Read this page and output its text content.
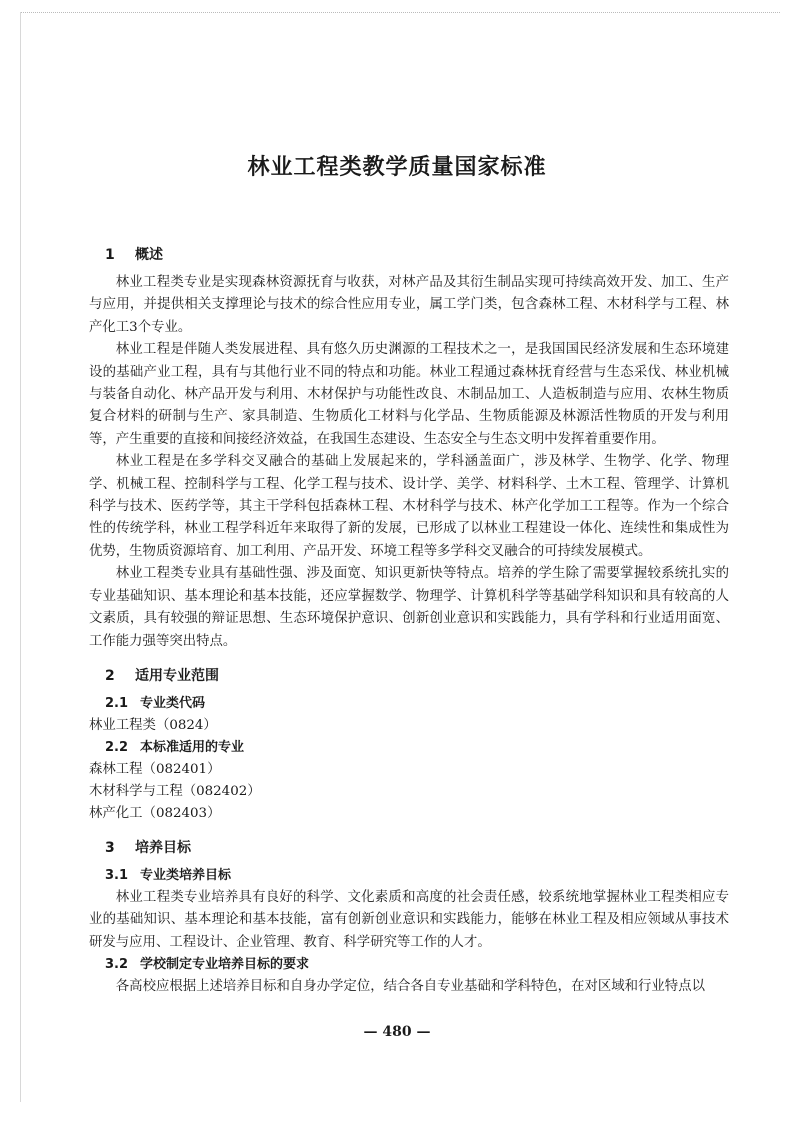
林业工程类教学质量国家标准
1 概述

林业工程类专业是实现森林资源抚育与收获，对林产品及其衍生制品实现可持续高效开发、加工、生产与应用，并提供相关支撑理论与技术的综合性应用专业，属工学门类，包含森林工程、木材科学与工程、林产化工3个专业。

林业工程是伴随人类发展进程、具有悠久历史渊源的工程技术之一，是我国国民经济发展和生态环境建设的基础产业工程，具有与其他行业不同的特点和功能。林业工程通过森林抚育经营与生态采伐、林业机械与装备自动化、林产品开发与利用、木材保护与功能性改良、木制品加工、人造板制造与应用、农林生物质复合材料的研制与生产、家具制造、生物质化工材料与化学品、生物质能源及林源活性物质的开发与利用等，产生重要的直接和间接经济效益，在我国生态建设、生态安全与生态文明中发挥着重要作用。

林业工程是在多学科交叉融合的基础上发展起来的，学科涵盖面广，涉及林学、生物学、化学、物理学、机械工程、控制科学与工程、化学工程与技术、设计学、美学、材料科学、土木工程、管理学、计算机科学与技术、医药学等，其主干学科包括森林工程、木材科学与技术、林产化学加工工程等。作为一个综合性的传统学科，林业工程学科近年来取得了新的发展，已形成了以林业工程建设一体化、连续性和集成性为优势，生物质资源培育、加工利用、产品开发、环境工程等多学科交叉融合的可持续发展模式。

林业工程类专业具有基础性强、涉及面宽、知识更新快等特点。培养的学生除了需要掌握较系统扎实的专业基础知识、基本理论和基本技能，还应掌握数学、物理学、计算机科学等基础学科知识和具有较高的人文素质，具有较强的辩证思想、生态环境保护意识、创新创业意识和实践能力，具有学科和行业适用面宽、工作能力强等突出特点。

2 适用专业范围
2.1 专业类代码
林业工程类（0824）
2.2 本标准适用的专业
森林工程（082401）
木材科学与工程（082402）
林产化工（082403）
3 培养目标
3.1 专业类培养目标

林业工程类专业培养具有良好的科学、文化素质和高度的社会责任感，较系统地掌握林业工程类相应专业的基础知识、基本理论和基本技能，富有创新创业意识和实践能力，能够在林业工程及相应领域从事技术研发与应用、工程设计、企业管理、教育、科学研究等工作的人才。

3.2 学校制定专业培养目标的要求

各高校应根据上述培养目标和自身办学定位，结合各自专业基础和学科特色，在对区域和行业特点以

— 480 —
